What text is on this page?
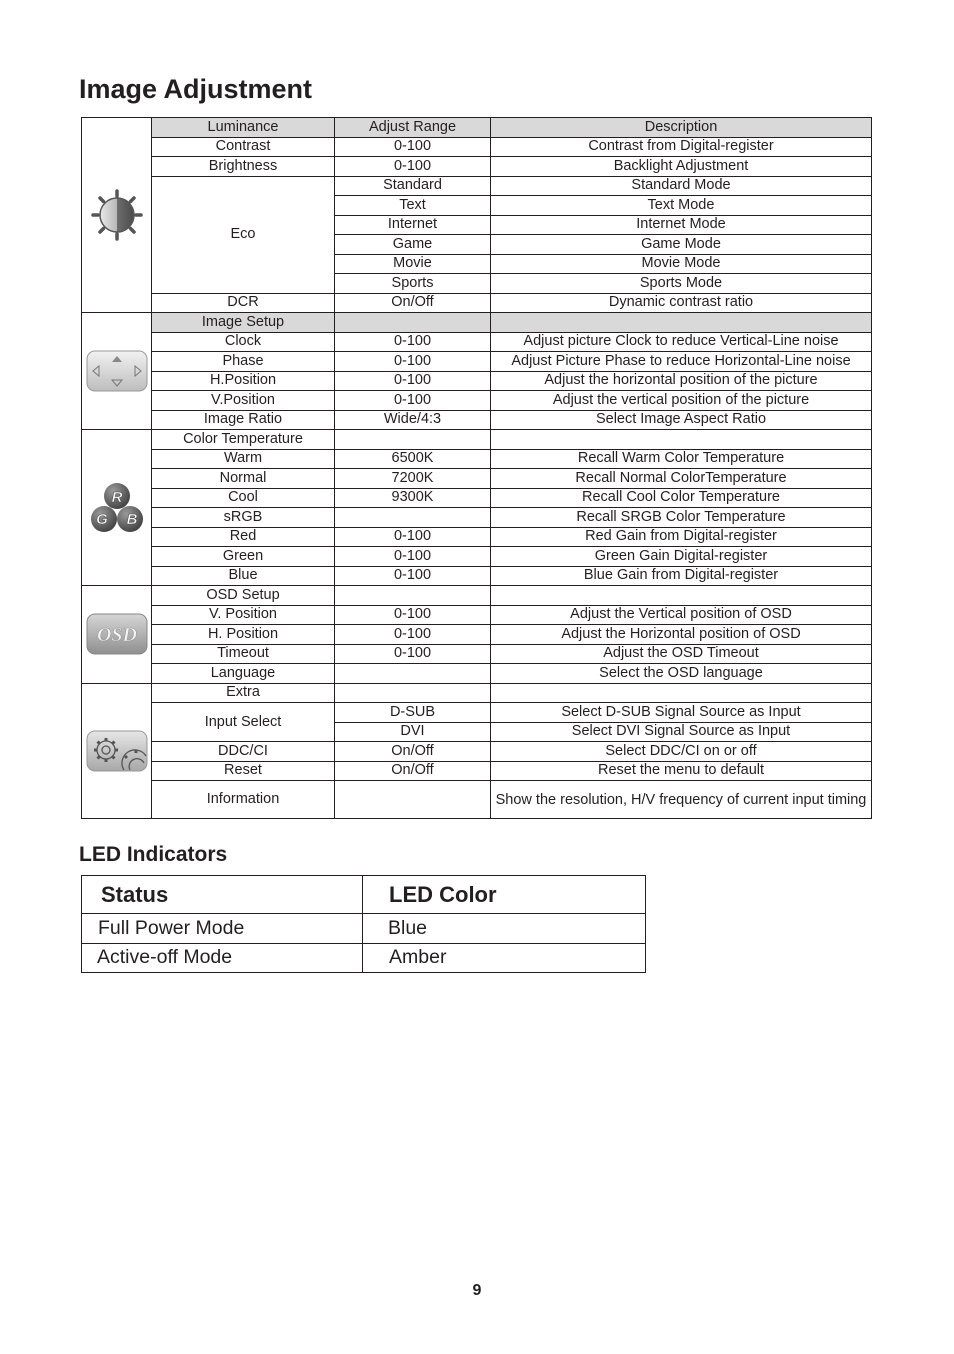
Image Adjustment
	Luminance	Adjust Range	Description
	Contrast	0-100	Contrast from Digital-register
	Brightness	0-100	Backlight Adjustment
	Eco	Standard	Standard Mode
		Text	Text Mode
		Internet	Internet Mode
		Game	Game Mode
		Movie	Movie Mode
		Sports	Sports Mode
	DCR	On/Off	Dynamic contrast ratio

	Image Setup		
	Clock	0-100	Adjust picture Clock to reduce Vertical-Line noise
	Phase	0-100	Adjust Picture Phase to reduce Horizontal-Line noise
	H.Position	0-100	Adjust the horizontal position of the picture
	V.Position	0-100	Adjust the vertical position of the picture
	Image Ratio	Wide/4:3	Select Image Aspect Ratio

R
G B	Color Temperature		
	Warm	6500K	Recall Warm Color Temperature
	Normal	7200K	Recall Normal ColorTemperature
	Cool	9300K	Recall Cool Color Temperature
	sRGB		Recall SRGB Color Temperature
	Red	0-100	Red Gain from Digital-register
	Green	0-100	Green Gain Digital-register
	Blue	0-100	Blue Gain from Digital-register

OSD	OSD Setup		
	V. Position	0-100	Adjust the Vertical position of OSD
	H. Position	0-100	Adjust the Horizontal position of OSD
	Timeout	0-100	Adjust the OSD Timeout
	Language		Select the OSD language

	Extra		
	Input Select	D-SUB	Select D-SUB Signal Source as Input
		DVI	Select DVI Signal Source as Input
	DDC/CI	On/Off	Select DDC/CI on or off
	Reset	On/Off	Reset the menu to default
	Information		Show the resolution, H/V frequency of current input timing
LED Indicators
Status	LED Color
Full Power Mode	Blue
Active-off Mode	Amber
9
